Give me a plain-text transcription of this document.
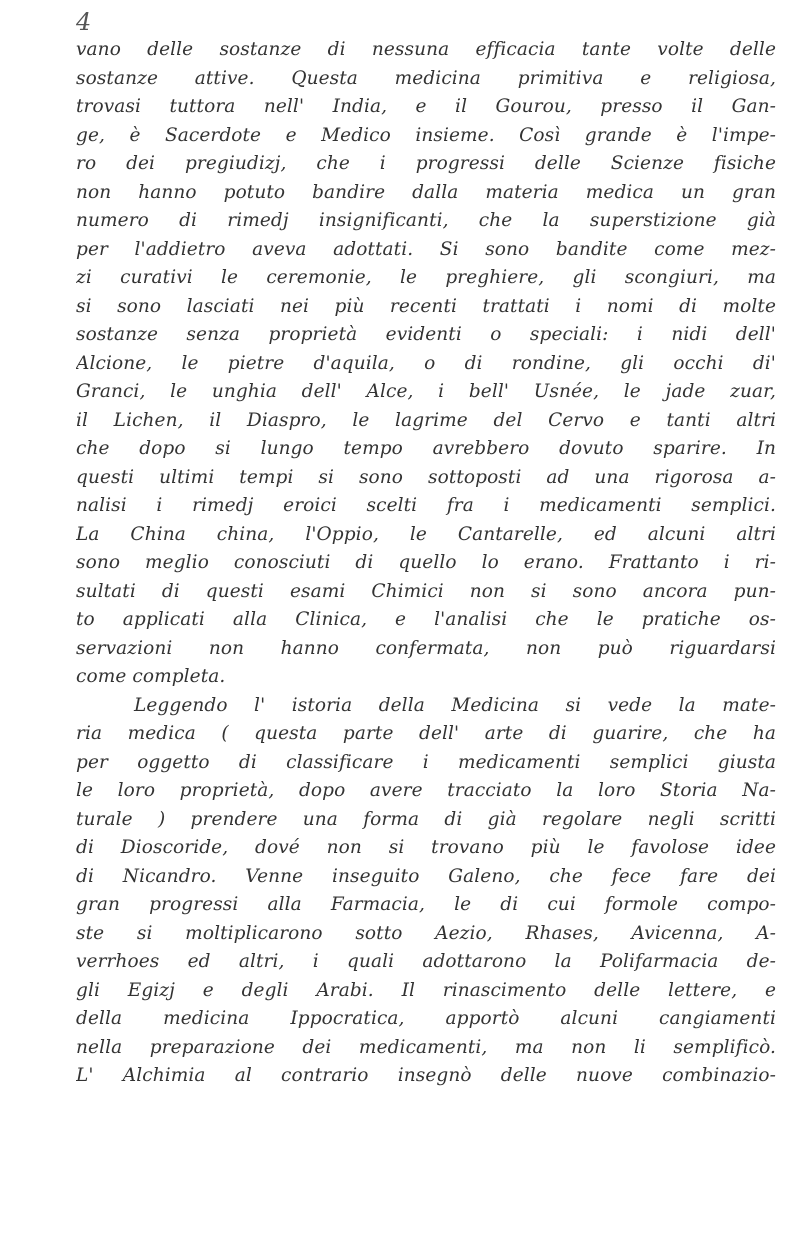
4
vano delle sostanze di nessuna efficacia tante volte delle
sostanze attive. Questa medicina primitiva e religiosa,
trovasi tuttora nell' India, e il Gourou, presso il Gan-
ge, è Sacerdote e Medico insieme. Così grande è l'impe-
ro dei pregiudizj, che i progressi delle Scienze fisiche
non hanno potuto bandire dalla materia medica un gran
numero di rimedj insignificanti, che la superstizione già
per l'addietro aveva adottati. Si sono bandite come mez-
zi curativi le ceremonie, le preghiere, gli scongiuri, ma
si sono lasciati nei più recenti trattati i nomi di molte
sostanze senza proprietà evidenti o speciali: i nidi dell'
Alcione, le pietre d'aquila, o di rondine, gli occhi di'
Granci, le unghia dell' Alce, i bell' Usnée, le jade zuar,
il Lichen, il Diaspro, le lagrime del Cervo e tanti altri
che dopo si lungo tempo avrebbero dovuto sparire. In
questi ultimi tempi si sono sottoposti ad una rigorosa a-
nalisi i rimedj eroici scelti fra i medicamenti semplici.
La China china, l'Oppio, le Cantarelle, ed alcuni altri
sono meglio conosciuti di quello lo erano. Frattanto i ri-
sultati di questi esami Chimici non si sono ancora pun-
to applicati alla Clinica, e l'analisi che le pratiche os-
servazioni non hanno confermata, non può riguardarsi
come completa.
Leggendo l' istoria della Medicina si vede la mate-
ria medica ( questa parte dell' arte di guarire, che ha
per oggetto di classificare i medicamenti semplici giusta
le loro proprietà, dopo avere tracciato la loro Storia Na-
turale ) prendere una forma di già regolare negli scritti
di Dioscoride, dové non si trovano più le favolose idee
di Nicandro. Venne inseguito Galeno, che fece fare dei
gran progressi alla Farmacia, le di cui formole compo-
ste si moltiplicarono sotto Aezio, Rhases, Avicenna, A-
verrhoes ed altri, i quali adottarono la Polifarmacia de-
gli Egizj e degli Arabi. Il rinascimento delle lettere, e
della medicina Ippocratica, apportò alcuni cangiamenti
nella preparazione dei medicamenti, ma non li semplificò.
L' Alchimia al contrario insegnò delle nuove combinazio-
